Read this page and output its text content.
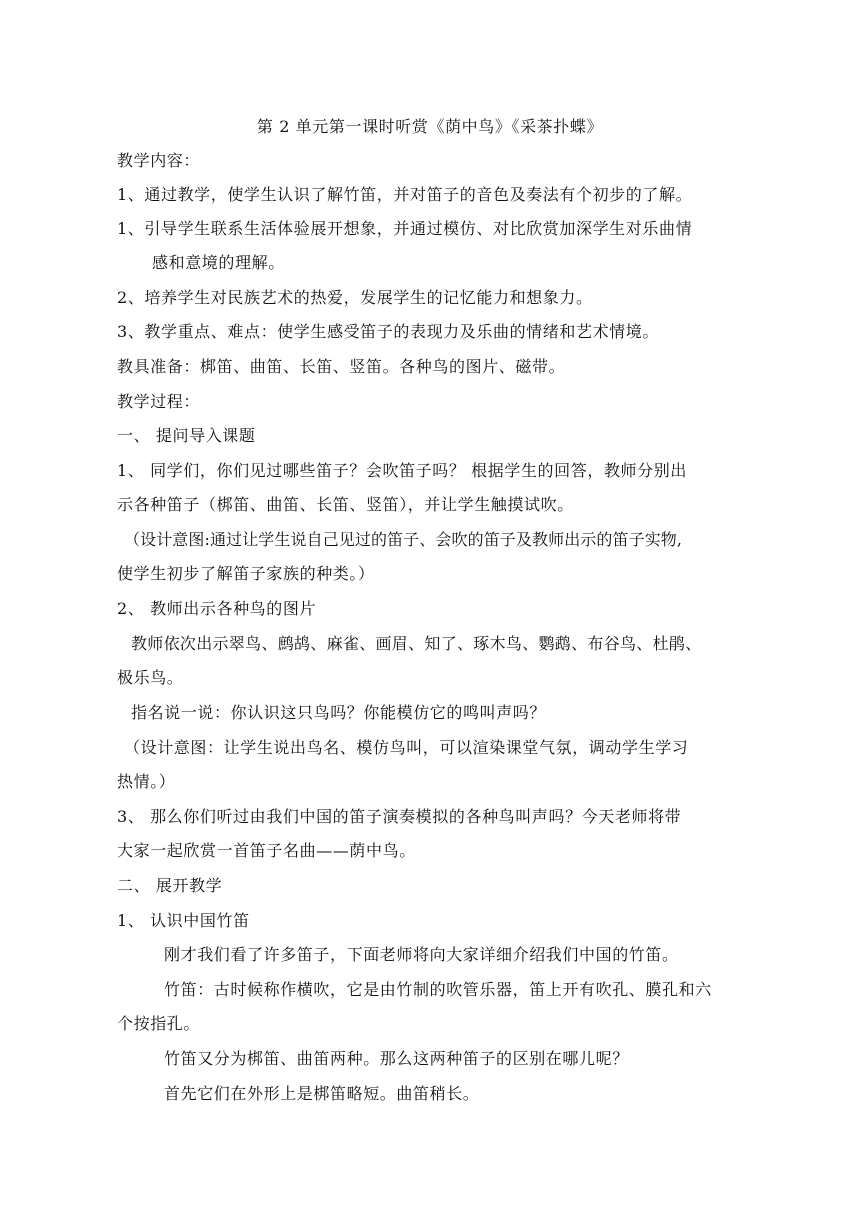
第 2 单元第一课时听赏《荫中鸟》《采茶扑蝶》
教学内容：
1、通过教学，使学生认识了解竹笛，并对笛子的音色及奏法有个初步的了解。
1、引导学生联系生活体验展开想象，并通过模仿、对比欣赏加深学生对乐曲情
感和意境的理解。
2、培养学生对民族艺术的热爱，发展学生的记忆能力和想象力。
3、教学重点、难点：使学生感受笛子的表现力及乐曲的情绪和艺术情境。
教具准备：梆笛、曲笛、长笛、竖笛。各种鸟的图片、磁带。
教学过程：
一、 提问导入课题
1、 同学们，你们见过哪些笛子？会吹笛子吗？ 根据学生的回答，教师分别出
示各种笛子（梆笛、曲笛、长笛、竖笛），并让学生触摸试吹。
（设计意图:通过让学生说自己见过的笛子、会吹的笛子及教师出示的笛子实物,
使学生初步了解笛子家族的种类。）
2、 教师出示各种鸟的图片
教师依次出示翠鸟、鹧鸪、麻雀、画眉、知了、琢木鸟、鹦鹉、布谷鸟、杜鹃、
极乐鸟。
指名说一说：你认识这只鸟吗？你能模仿它的鸣叫声吗？
（设计意图：让学生说出鸟名、模仿鸟叫，可以渲染课堂气氛，调动学生学习
热情。）
3、 那么你们听过由我们中国的笛子演奏模拟的各种鸟叫声吗？今天老师将带
大家一起欣赏一首笛子名曲——荫中鸟。
二、 展开教学
1、 认识中国竹笛
刚才我们看了许多笛子，下面老师将向大家详细介绍我们中国的竹笛。
竹笛：古时候称作横吹，它是由竹制的吹管乐器，笛上开有吹孔、膜孔和六
个按指孔。
竹笛又分为梆笛、曲笛两种。那么这两种笛子的区别在哪儿呢？
首先它们在外形上是梆笛略短。曲笛稍长。
